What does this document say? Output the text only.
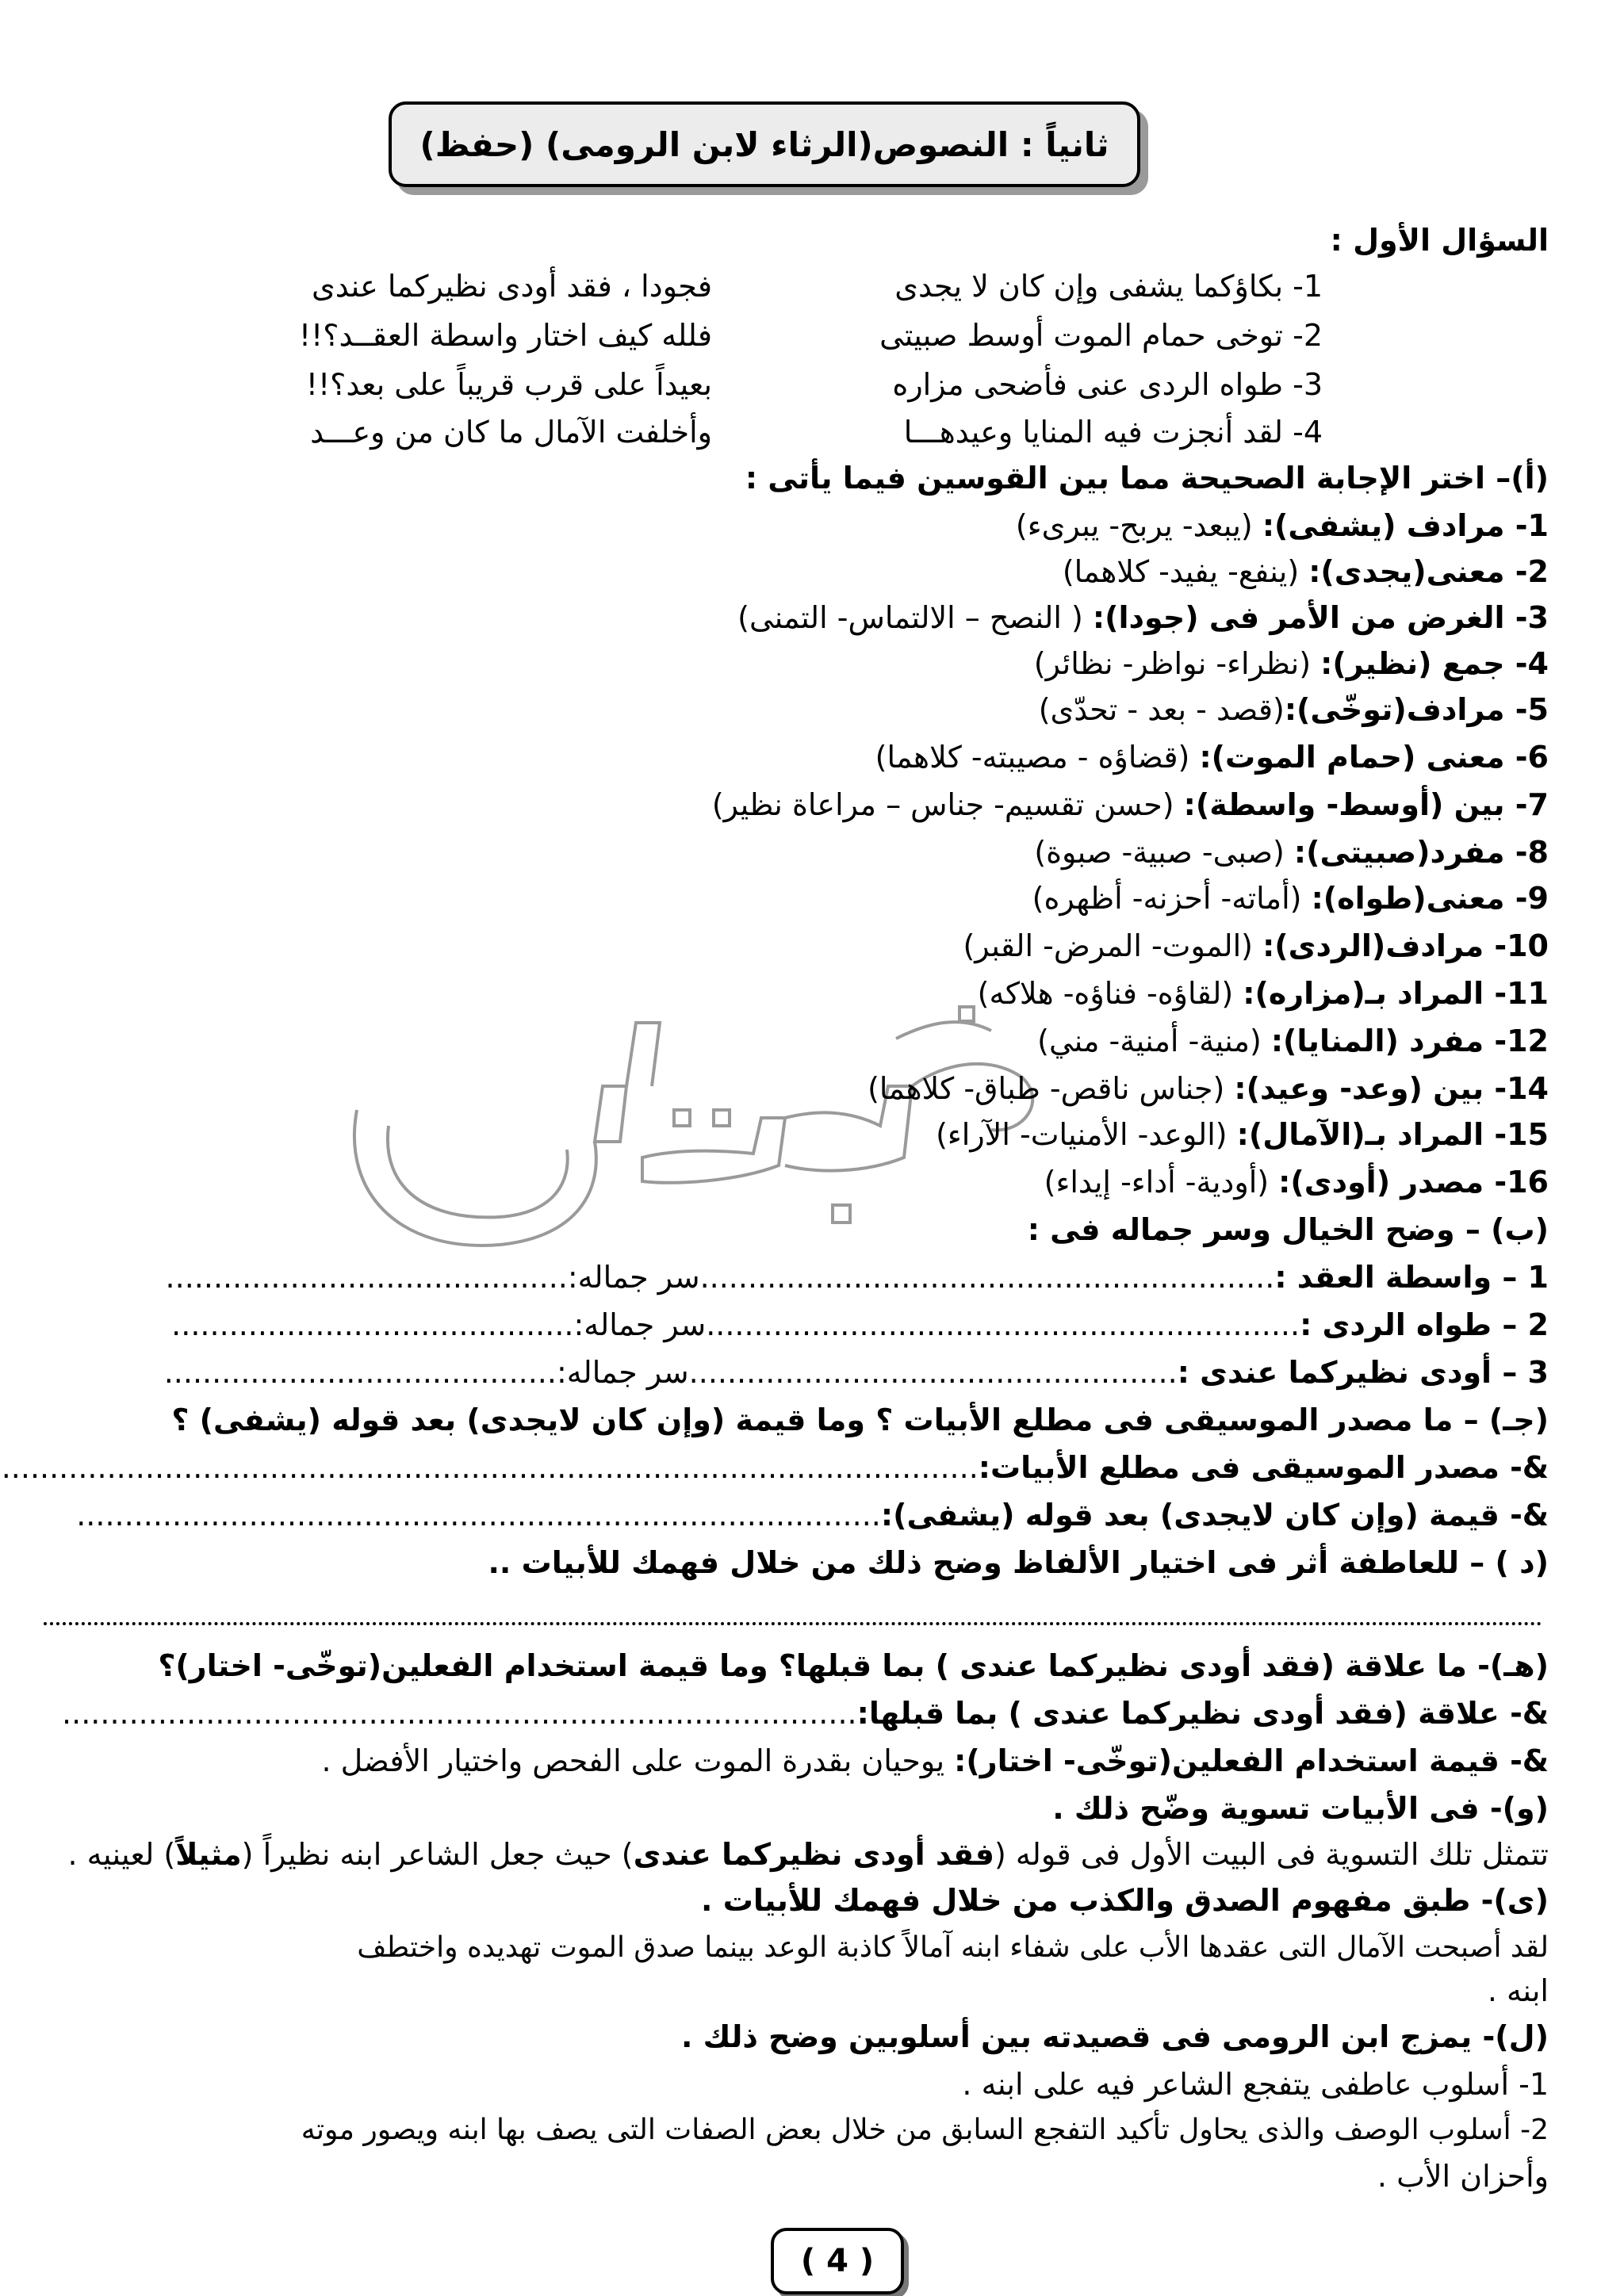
ثانياً : النصوص(الرثاء لابن الرومى) (حفظ)
السؤال الأول :
1- بكاؤكما يشفى وإن كان لا يجدى
فجودا ، فقد أودى نظيركما عندى
2- توخى حمام الموت أوسط صبيتى
فلله كيف اختار واسطة العقــد؟!!
3- طواه الردى عنى فأضحى مزاره
بعيداً على قرب قريباً على بعد؟!!
4- لقد أنجزت فيه المنايا وعيدهـــا
وأخلفت الآمال ما كان من وعـــد
(أ)– اختر الإجابة الصحيحة مما بين القوسين فيما يأتى :
1- مرادف (يشفى): (يبعد- يربح- يبرىء)
2- معنى(يجدى): (ينفع- يفيد- كلاهما)
3- الغرض من الأمر فى (جودا): ( النصح – الالتماس- التمنى)
4- جمع (نظير): (نظراء- نواظر- نظائر)
5- مرادف(توخّى):(قصد - بعد - تحدّى)
6- معنى (حمام الموت): (قضاؤه - مصيبته- كلاهما)
7- بين (أوسط- واسطة): (حسن تقسيم- جناس – مراعاة نظير)
8- مفرد(صبيتى): (صبى- صبية- صبوة)
9- معنى(طواه): (أماته- أحزنه- أظهره)
10- مرادف(الردى): (الموت- المرض- القبر)
11- المراد بـ(مزاره): (لقاؤه- فناؤه- هلاكه)
12- مفرد (المنايا): (منية- أمنية- مني)
14- بين (وعد- وعيد): (جناس ناقص- طباق- كلاهما)
15- المراد بـ(الآمال): (الوعد- الأمنيات- الآراء)
16- مصدر (أودى): (أودية- أداء- إيداء)
(ب) – وضح الخيال وسر جماله فى :
1 – واسطة العقد :............................................................سر جماله:..........................................
2 – طواه الردى :..............................................................سر جماله:..........................................
3 – أودى نظيركما عندى :...................................................سر جماله:.........................................
(جـ) – ما مصدر الموسيقى فى مطلع الأبيات ؟ وما قيمة (وإن كان لايجدى) بعد قوله (يشفى) ؟
&- مصدر الموسيقى فى مطلع الأبيات:......................................................................................................
&- قيمة (وإن كان لايجدى) بعد قوله (يشفى):....................................................................................
(د ) – للعاطفة أثر فى اختيار الألفاظ وضح ذلك من خلال فهمك للأبيات ..
(هـ)- ما علاقة (فقد أودى نظيركما عندى ) بما قبلها؟ وما قيمة استخدام الفعلين(توخّى- اختار)؟
&- علاقة (فقد أودى نظيركما عندى ) بما قبلها:...................................................................................
&- قيمة استخدام الفعلين(توخّى- اختار): يوحيان بقدرة الموت على الفحص واختيار الأفضل .
(و)- فى الأبيات تسوية وضّح ذلك .
تتمثل تلك التسوية فى البيت الأول فى قوله (فقد أودى نظيركما عندى) حيث جعل الشاعر ابنه نظيراً (مثيلاً) لعينيه .
(ى)- طبق مفهوم الصدق والكذب من خلال فهمك للأبيات .
لقد أصبحت الآمال التى عقدها الأب على شفاء ابنه آمالاً كاذبة الوعد بينما صدق الموت تهديده واختطف
ابنه .
(ل)- يمزج ابن الرومى فى قصيدته بين أسلوبين وضح ذلك .
1- أسلوب عاطفى يتفجع الشاعر فيه على ابنه .
2- أسلوب الوصف والذى يحاول تأكيد التفجع السابق من خلال بعض الصفات التى يصف بها ابنه ويصور موته
وأحزان الأب .
( 4 )
